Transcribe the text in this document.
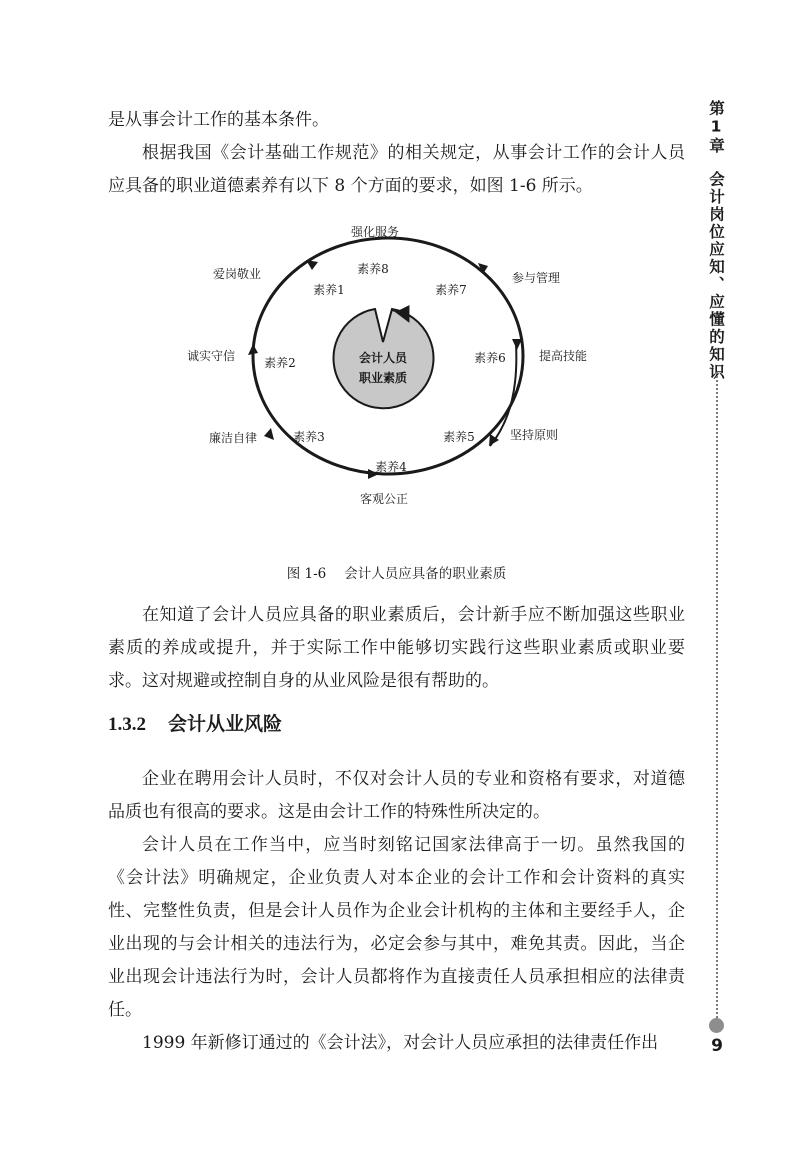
是从事会计工作的基本条件。

根据我国《会计基础工作规范》的相关规定，从事会计工作的会计人员应具备的职业道德素养有以下 8 个方面的要求，如图 1-6 所示。

会计人员
职业素质
素养8
素养1	素养7
素养2	素养6
素养3	素养5
素养4
强化服务
爱岗敬业	参与管理
诚实守信	提高技能
廉洁自律	坚持原则
客观公正
图 1-6 会计人员应具备的职业素质

在知道了会计人员应具备的职业素质后，会计新手应不断加强这些职业素质的养成或提升，并于实际工作中能够切实践行这些职业素质或职业要求。这对规避或控制自身的从业风险是很有帮助的。

1.3.2 会计从业风险

企业在聘用会计人员时，不仅对会计人员的专业和资格有要求，对道德品质也有很高的要求。这是由会计工作的特殊性所决定的。

会计人员在工作当中，应当时刻铭记国家法律高于一切。虽然我国的《会计法》明确规定，企业负责人对本企业的会计工作和会计资料的真实性、完整性负责，但是会计人员作为企业会计机构的主体和主要经手人，企业出现的与会计相关的违法行为，必定会参与其中，难免其责。因此，当企业出现会计违法行为时，会计人员都将作为直接责任人员承担相应的法律责任。

1999 年新修订通过的《会计法》，对会计人员应承担的法律责任作出

第1章会计岗位应知、应懂的知识
9
